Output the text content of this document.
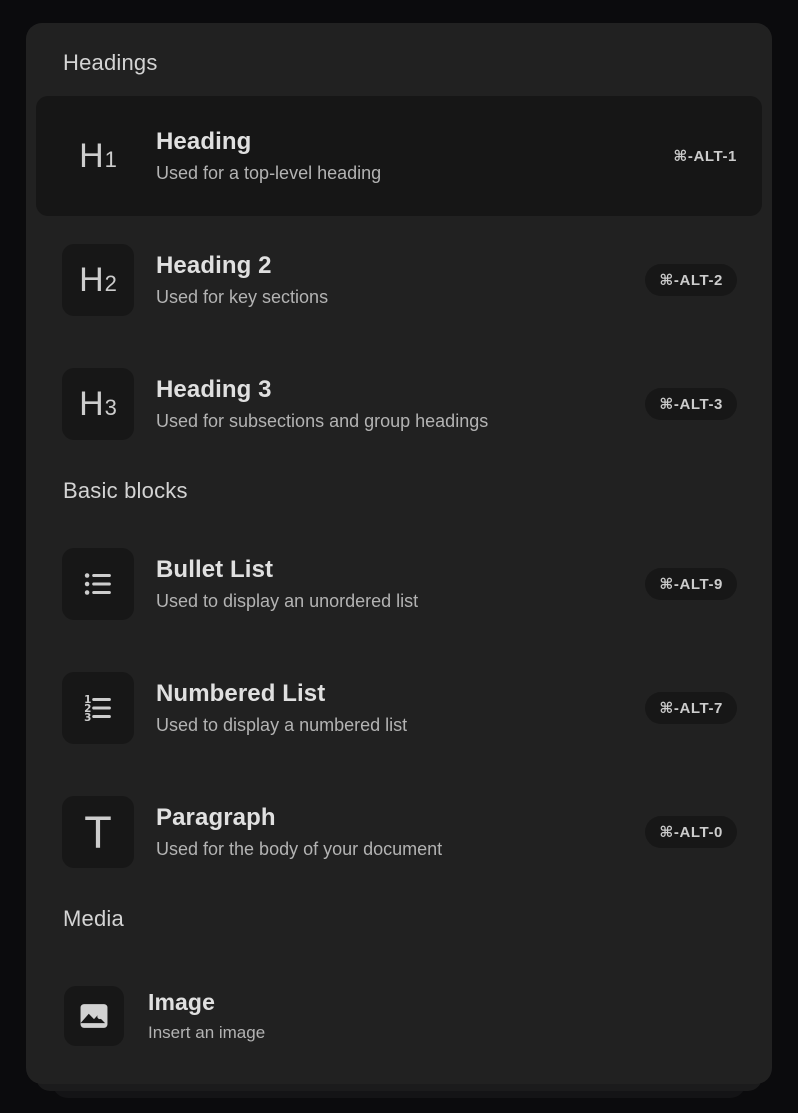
Headings
H 1
Heading
Used for a top-level heading
⌘-ALT-1
H 2
Heading 2
Used for key sections
⌘-ALT-2
H 3
Heading 3
Used for subsections and group headings
⌘-ALT-3
Basic blocks
Bullet List
Used to display an unordered list
⌘-ALT-9
1
2
3
Numbered List
Used to display a numbered list
⌘-ALT-7
T Paragraph
Used for the body of your document
⌘-ALT-0
Media
Image
Insert an image
